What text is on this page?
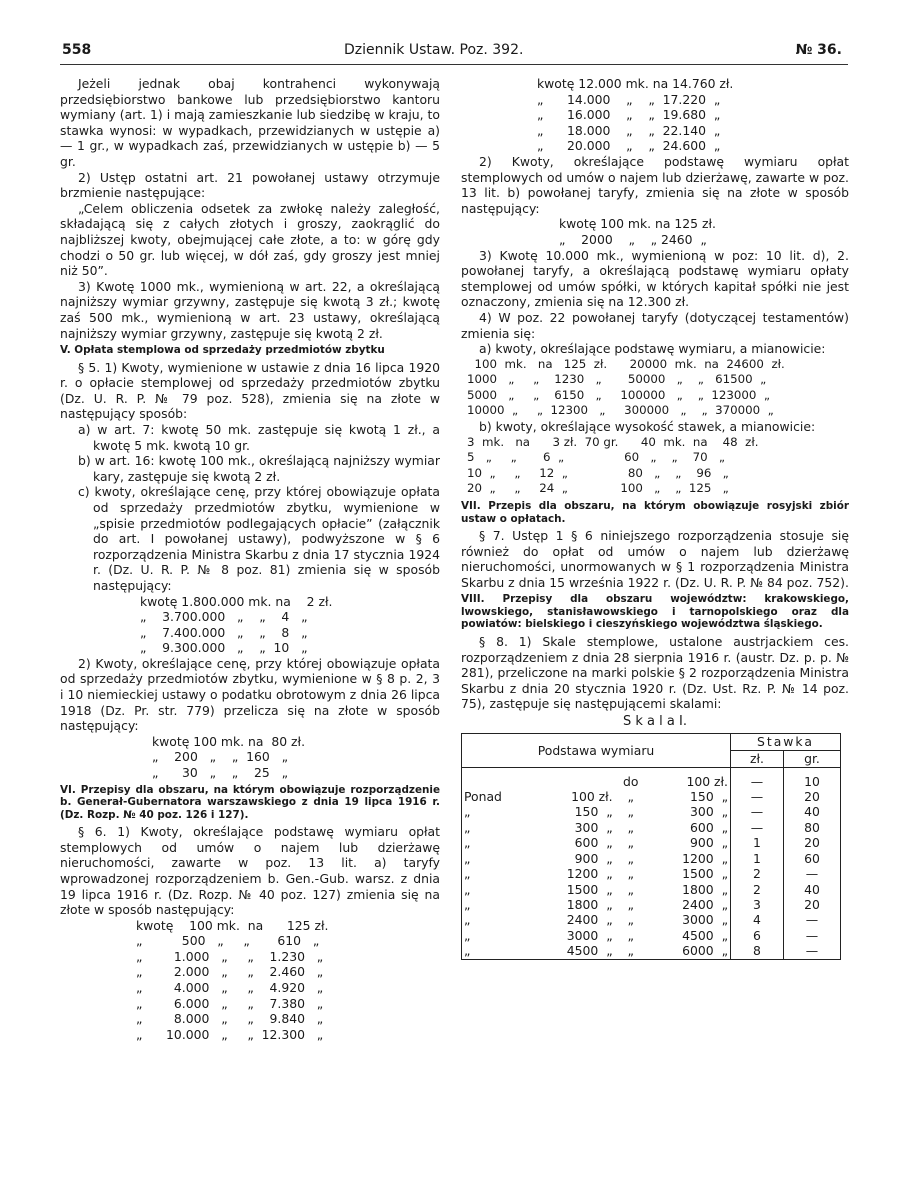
558	Dziennik Ustaw. Poz. 392.	№ 36.

Jeżeli jednak obaj kontrahenci wykonywają przedsiębiorstwo bankowe lub przedsiębiorstwo kantoru wymiany (art. 1) i mają zamieszkanie lub siedzibę w kraju, to stawka wynosi: w wypadkach, przewidzianych w ustępie a) — 1 gr., w wypadkach zaś, przewidzianych w ustępie b) — 5 gr.

2) Ustęp ostatni art. 21 powołanej ustawy otrzymuje brzmienie następujące:

„Celem obliczenia odsetek za zwłokę należy zaległość, składającą się z całych złotych i groszy, zaokrąglić do najbliższej kwoty, obejmującej całe złote, a to: w górę gdy chodzi o 50 gr. lub więcej, w dół zaś, gdy groszy jest mniej niż 50”.

3) Kwotę 1000 mk., wymienioną w art. 22, a określającą najniższy wymiar grzywny, zastępuje się kwotą 3 zł.; kwotę zaś 500 mk., wymienioną w art. 23 ustawy, określającą najniższy wymiar grzywny, zastępuje się kwotą 2 zł.

V. Opłata stemplowa od sprzedaży przedmiotów zbytku

§ 5. 1) Kwoty, wymienione w ustawie z dnia 16 lipca 1920 r. o opłacie stemplowej od sprzedaży przedmiotów zbytku (Dz. U. R. P. № 79 poz. 528), zmienia się na złote w następujący sposób:

a) w art. 7: kwotę 50 mk. zastępuje się kwotą 1 zł., a kwotę 5 mk. kwotą 10 gr.

b) w art. 16: kwotę 100 mk., określającą najniższy wymiar kary, zastępuje się kwotą 2 zł.

c) kwoty, określające cenę, przy której obowiązuje opłata od sprzedaży przedmiotów zbytku, wymienione w „spisie przedmiotów podlegających opłacie” (załącznik do art. I powołanej ustawy), podwyższone w § 6 rozporządzenia Ministra Skarbu z dnia 17 stycznia 1924 r. (Dz. U. R. P. № 8 poz. 81) zmienia się w sposób następujący:

kwotę 1.800.000 mk. na    2 zł.

„    3.700.000   „    „    4   „

„    7.400.000   „    „    8   „

„    9.300.000   „    „  10   „

2) Kwoty, określające cenę, przy której obowiązuje opłata od sprzedaży przedmiotów zbytku, wymienione w § 8 p. 2, 3 i 10 niemieckiej ustawy o podatku obrotowym z dnia 26 lipca 1918 (Dz. Pr. str. 779) przelicza się na złote w sposób następujący:

kwotę 100 mk. na  80 zł.

„    200   „    „  160   „

„      30   „    „    25   „

VI. Przepisy dla obszaru, na którym obowiązuje rozporządzenie b. Generał-Gubernatora warszawskiego z dnia 19 lipca 1916 r. (Dz. Rozp. № 40 poz. 126 i 127).

§ 6. 1) Kwoty, określające podstawę wymiaru opłat stemplowych od umów o najem lub dzierżawę nieruchomości, zawarte w poz. 13 lit. a) taryfy wprowadzonej rozporządzeniem b. Gen.-Gub. warsz. z dnia 19 lipca 1916 r. (Dz. Rozp. № 40 poz. 127) zmienia się na złote w sposób następujący:

kwotę    100 mk.  na      125 zł.

„          500   „     „       610   „

„        1.000   „     „    1.230   „

„        2.000   „     „    2.460   „

„        4.000   „     „    4.920   „

„        6.000   „     „    7.380   „

„        8.000   „     „    9.840   „

„      10.000   „     „  12.300   „

kwotę 12.000 mk. na 14.760 zł.

„      14.000    „    „  17.220  „

„      16.000    „    „  19.680  „

„      18.000    „    „  22.140  „

„      20.000    „    „  24.600  „

2) Kwoty, określające podstawę wymiaru opłat stemplowych od umów o najem lub dzierżawę, zawarte w poz. 13 lit. b) powołanej taryfy, zmienia się na złote w sposób następujący:

kwotę 100 mk. na 125 zł.

„    2000    „    „ 2460  „

3) Kwotę 10.000 mk., wymienioną w poz: 10 lit. d), 2. powołanej taryfy, a określającą podstawę wymiaru opłaty stemplowej od umów spółki, w których kapitał spółki nie jest oznaczony, zmienia się na 12.300 zł.

4) W poz. 22 powołanej taryfy (dotyczącej testamentów) zmienia się:

a) kwoty, określające podstawę wymiaru, a mianowicie:

100  mk.   na   125  zł.      20000  mk.  na  24600  zł.

1000   „     „    1230   „       50000   „    „   61500  „

5000   „     „    6150   „     100000   „    „  123000  „

10000  „     „  12300   „     300000   „    „  370000  „

b) kwoty, określające wysokość stawek, a mianowicie:

3  mk.   na      3 zł.  70 gr.      40  mk.  na    48  zł.

5   „     „       6  „                60   „    „    70   „

10  „     „     12  „                80   „    „    96   „

20  „     „     24  „              100   „    „  125   „

VII. Przepis dla obszaru, na którym obowiązuje rosyjski zbiór ustaw o opłatach.

§ 7. Ustęp 1 § 6 niniejszego rozporządzenia stosuje się również do opłat od umów o najem lub dzierżawę nieruchomości, unormowanych w § 1 rozporządzenia Ministra Skarbu z dnia 15 września 1922 r. (Dz. U. R. P. № 84 poz. 752).

VIII. Przepisy dla obszaru województw: krakowskiego, lwowskiego, stanisławowskiego i tarnopolskiego oraz dla powiatów: bielskiego i cieszyńskiego województwa śląskiego.

§ 8. 1) Skale stemplowe, ustalone austrjackiem ces. rozporządzeniem z dnia 28 sierpnia 1916 r. (austr. Dz. p. p. № 281), przeliczone na marki polskie § 2 rozporządzenia Ministra Skarbu z dnia 20 stycznia 1920 r. (Dz. Ust. Rz. P. № 14 poz. 75), zastępuje się następującemi skalami:

S k a l a I.

Podstawa wymiaru				Stawka	
				zł.	gr.
		do	100 zł.	—	10
Ponad	100 zł.	„	150  „	—	20
„	150  „	„	300  „	—	40
„	300  „	„	600  „	—	80
„	600  „	„	900  „	1	20
„	900  „	„	1200  „	1	60
„	1200  „	„	1500  „	2	—
„	1500  „	„	1800  „	2	40
„	1800  „	„	2400  „	3	20
„	2400  „	„	3000  „	4	—
„	3000  „	„	4500  „	6	—
„	4500  „	„	6000  „	8	—
